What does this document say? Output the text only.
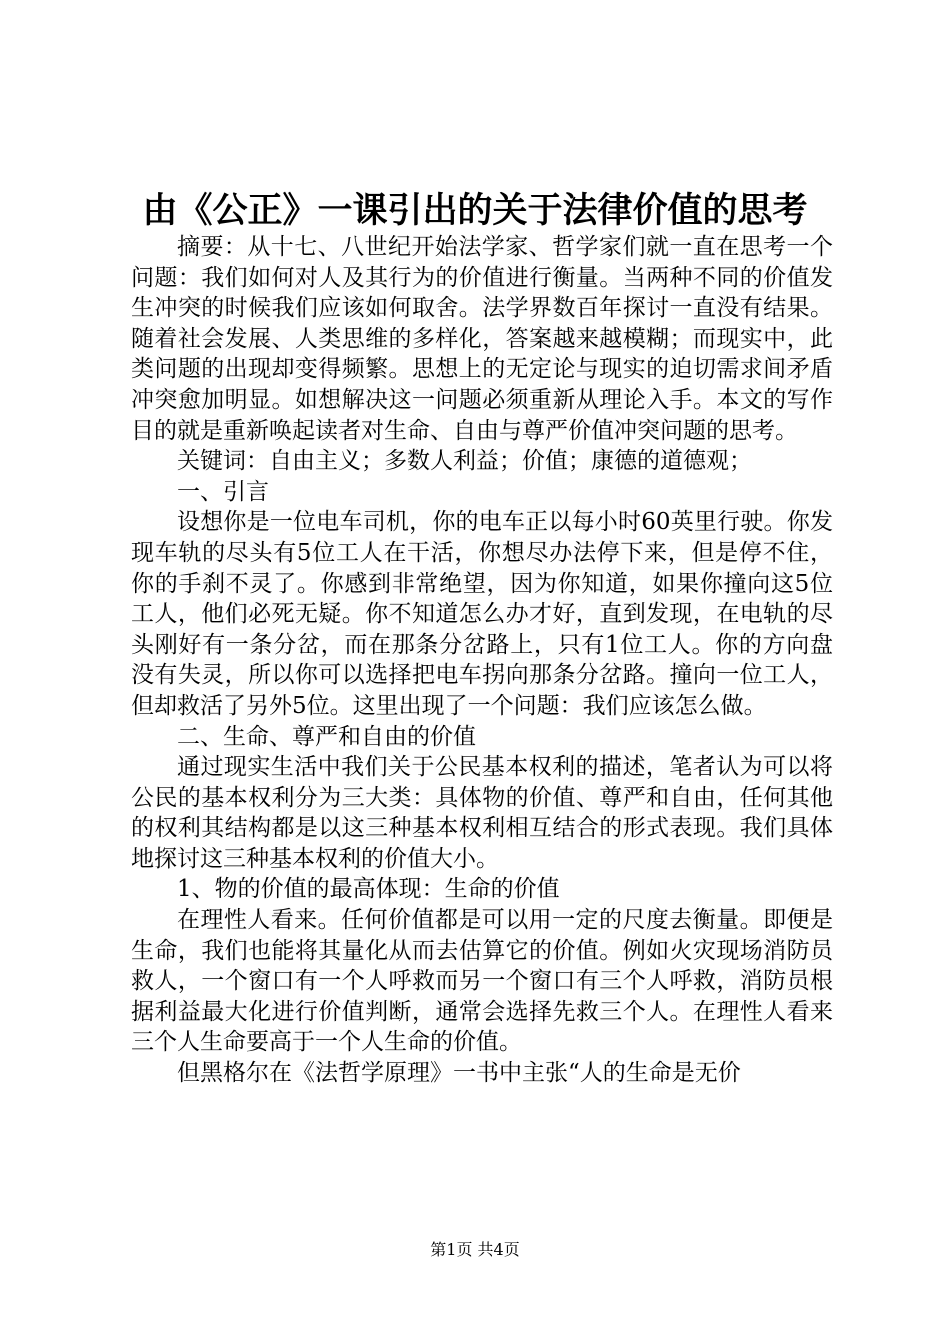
由《公正》一课引出的关于法律价值的思考

摘要：从十七、八世纪开始法学家、哲学家们就一直在思考一个问题：我们如何对人及其行为的价值进行衡量。当两种不同的价值发生冲突的时候我们应该如何取舍。法学界数百年探讨一直没有结果。随着社会发展、人类思维的多样化，答案越来越模糊；而现实中，此类问题的出现却变得频繁。思想上的无定论与现实的迫切需求间矛盾冲突愈加明显。如想解决这一问题必须重新从理论入手。本文的写作目的就是重新唤起读者对生命、自由与尊严价值冲突问题的思考。

关键词：自由主义；多数人利益；价值；康德的道德观；

一、引言

设想你是一位电车司机，你的电车正以每小时60英里行驶。你发现车轨的尽头有5位工人在干活，你想尽办法停下来，但是停不住，你的手刹不灵了。你感到非常绝望，因为你知道，如果你撞向这5位工人，他们必死无疑。你不知道怎么办才好，直到发现，在电轨的尽头刚好有一条分岔，而在那条分岔路上，只有1位工人。你的方向盘没有失灵，所以你可以选择把电车拐向那条分岔路。撞向一位工人，但却救活了另外5位。这里出现了一个问题：我们应该怎么做。

二、生命、尊严和自由的价值

通过现实生活中我们关于公民基本权利的描述，笔者认为可以将公民的基本权利分为三大类：具体物的价值、尊严和自由，任何其他的权利其结构都是以这三种基本权利相互结合的形式表现。我们具体地探讨这三种基本权利的价值大小。

1、物的价值的最高体现：生命的价值

在理性人看来。任何价值都是可以用一定的尺度去衡量。即便是生命，我们也能将其量化从而去估算它的价值。例如火灾现场消防员救人，一个窗口有一个人呼救而另一个窗口有三个人呼救，消防员根据利益最大化进行价值判断，通常会选择先救三个人。在理性人看来三个人生命要高于一个人生命的价值。

但黑格尔在《法哲学原理》一书中主张“人的生命是无价

第1页 共4页
